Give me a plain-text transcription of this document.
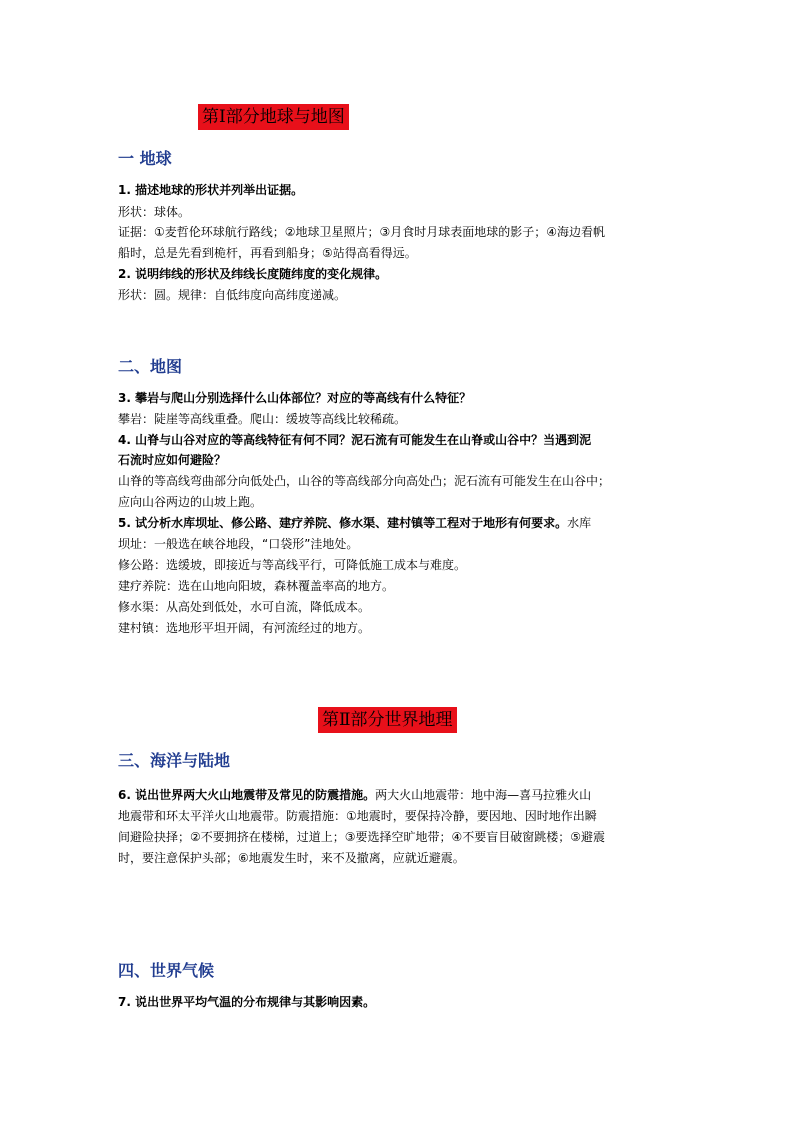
第Ⅰ部分地球与地图
一 地球
1. 描述地球的形状并列举出证据。
形状：球体。
证据：①麦哲伦环球航行路线；②地球卫星照片；③月食时月球表面地球的影子；④海边看帆
船时，总是先看到桅杆，再看到船身；⑤站得高看得远。
2. 说明纬线的形状及纬线长度随纬度的变化规律。
形状：圆。规律：自低纬度向高纬度递减。
二、地图
3. 攀岩与爬山分别选择什么山体部位？对应的等高线有什么特征？
攀岩：陡崖等高线重叠。爬山：缓坡等高线比较稀疏。
4. 山脊与山谷对应的等高线特征有何不同？泥石流有可能发生在山脊或山谷中？当遇到泥
石流时应如何避险？
山脊的等高线弯曲部分向低处凸，山谷的等高线部分向高处凸；泥石流有可能发生在山谷中；
应向山谷两边的山坡上跑。
5. 试分析水库坝址、修公路、建疗养院、修水渠、建村镇等工程对于地形有何要求。水库
坝址：一般选在峡谷地段，“口袋形”洼地处。
修公路：选缓坡，即接近与等高线平行，可降低施工成本与难度。
建疗养院：选在山地向阳坡，森林覆盖率高的地方。
修水渠：从高处到低处，水可自流，降低成本。
建村镇：选地形平坦开阔，有河流经过的地方。
第Ⅱ部分世界地理
三、海洋与陆地
6. 说出世界两大火山地震带及常见的防震措施。两大火山地震带：地中海—喜马拉雅火山
地震带和环太平洋火山地震带。防震措施：①地震时，要保持冷静，要因地、因时地作出瞬
间避险抉择；②不要拥挤在楼梯，过道上；③要选择空旷地带；④不要盲目破窗跳楼；⑤避震
时，要注意保护头部；⑥地震发生时，来不及撤离，应就近避震。
四、世界气候
7. 说出世界平均气温的分布规律与其影响因素。
